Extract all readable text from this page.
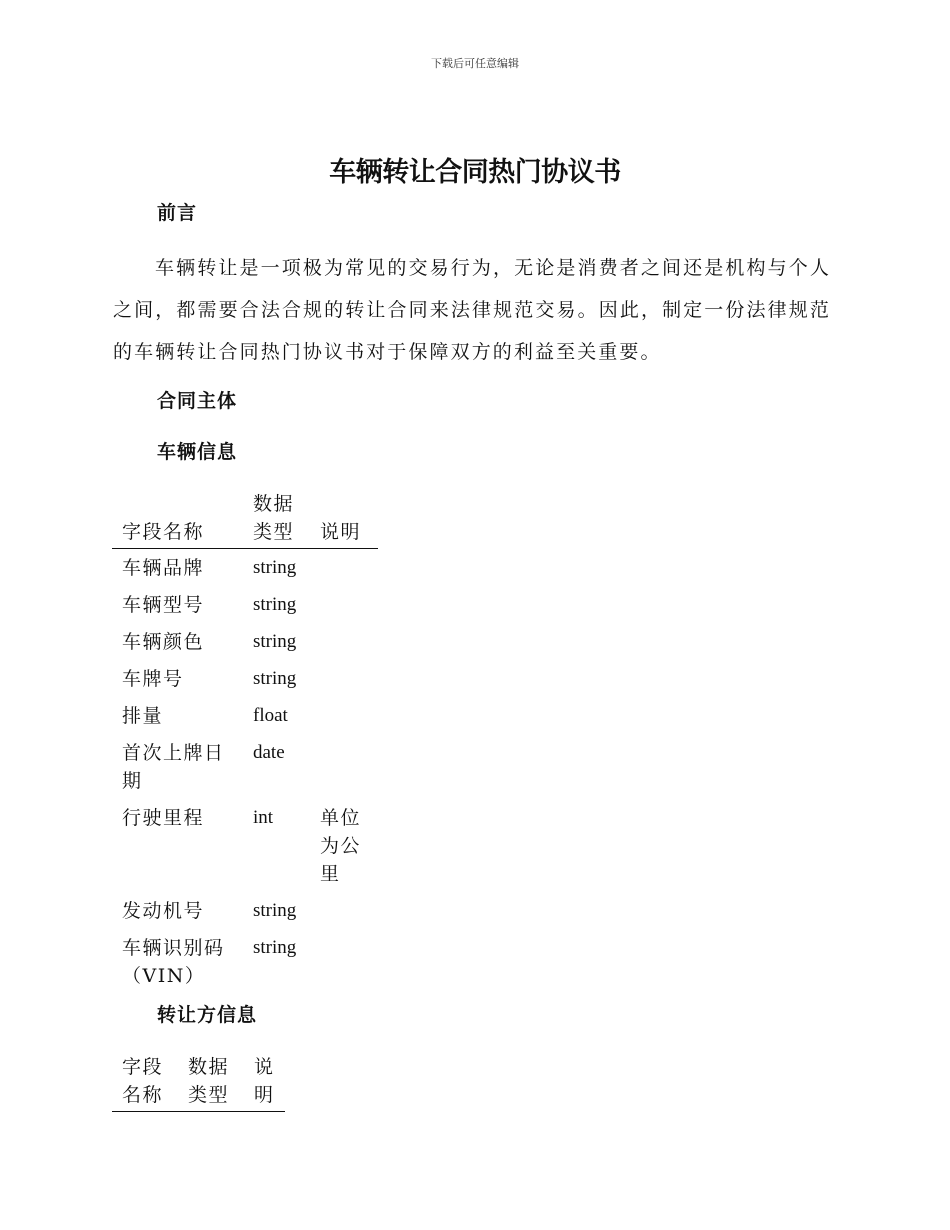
下载后可任意编辑
车辆转让合同热门协议书
前言
车辆转让是一项极为常见的交易行为，无论是消费者之间还是机构与个人之间，都需要合法合规的转让合同来法律规范交易。因此，制定一份法律规范的车辆转让合同热门协议书对于保障双方的利益至关重要。
合同主体
车辆信息
字段名称	数据类型	说明
车辆品牌	string	
车辆型号	string	
车辆颜色	string	
车牌号	string	
排量	float	
首次上牌日期	date	
行驶里程	int	单位为公里
发动机号	string	
车辆识别码（VIN）	string	
转让方信息
字段名称	数据类型	说明
